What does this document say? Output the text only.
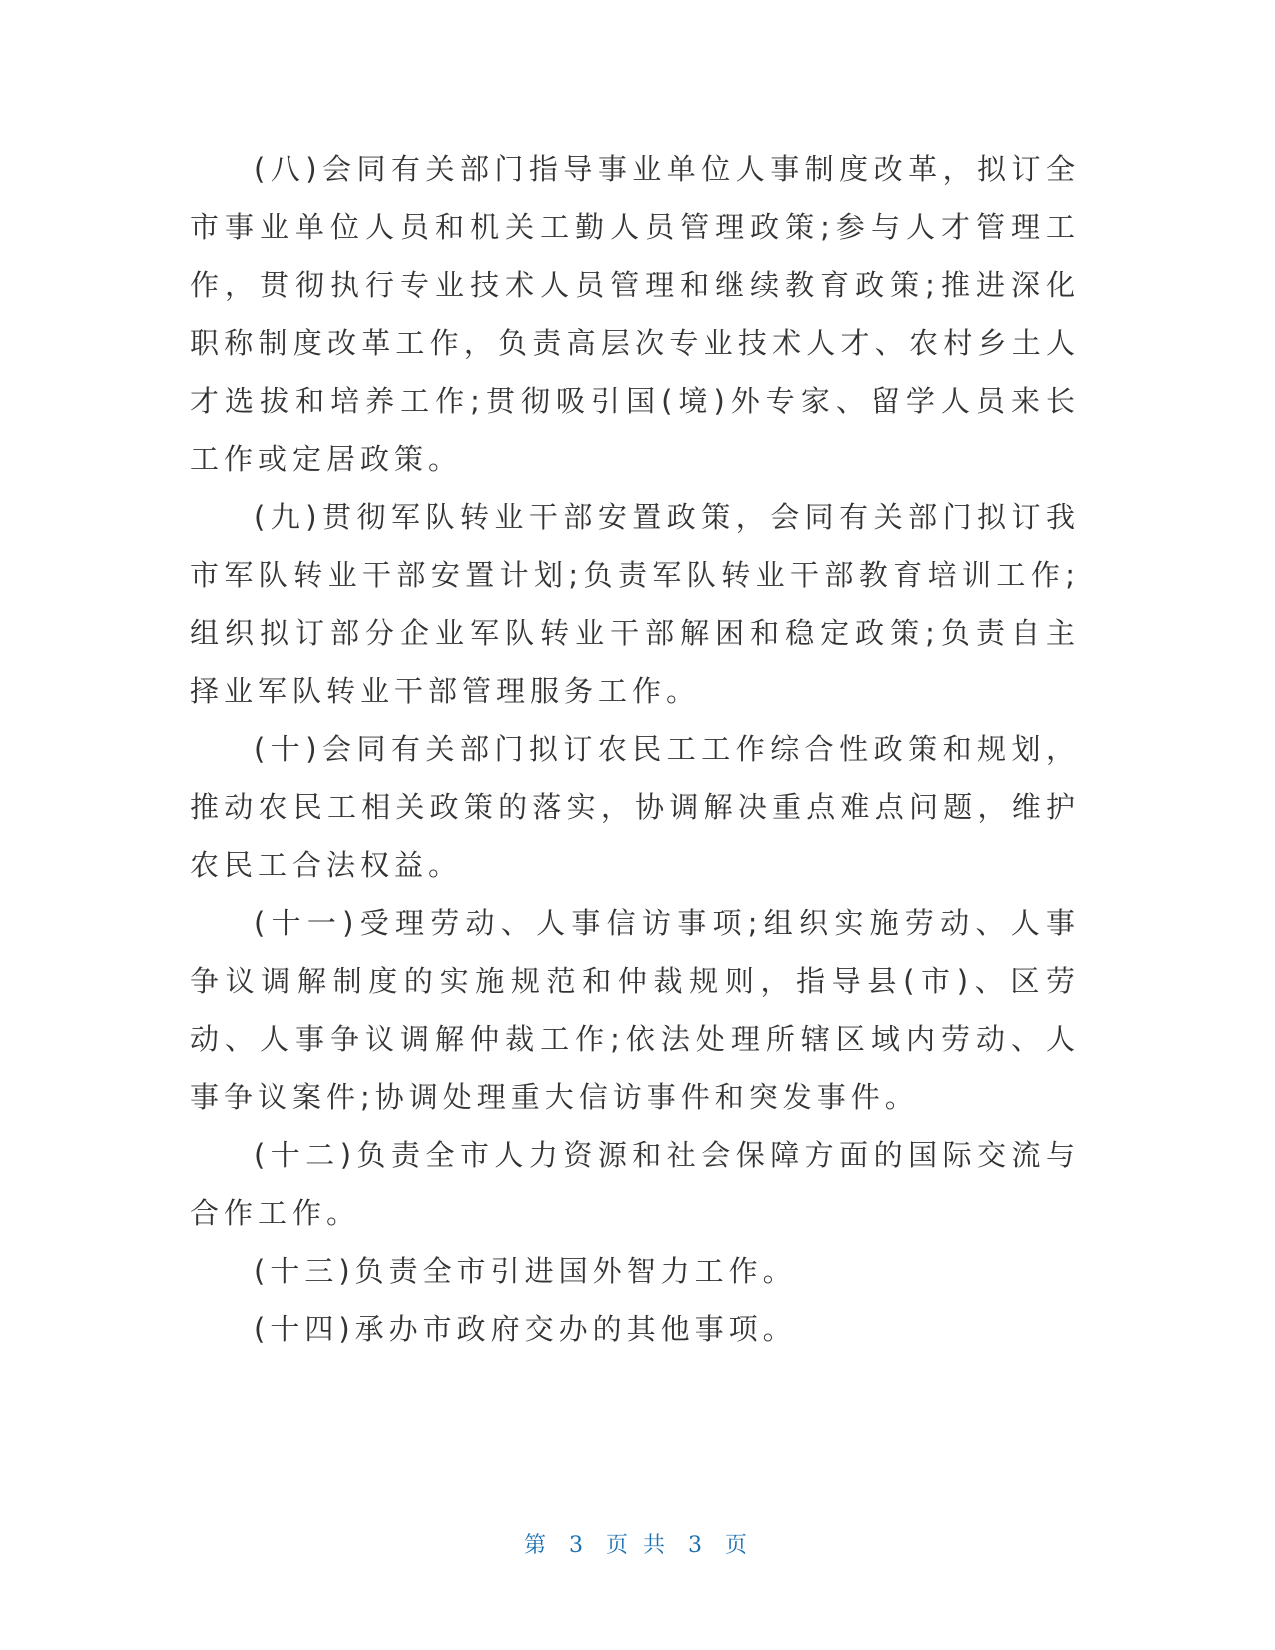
(八)会同有关部门指导事业单位人事制度改革，拟订全市事业单位人员和机关工勤人员管理政策;参与人才管理工作，贯彻执行专业技术人员管理和继续教育政策;推进深化职称制度改革工作，负责高层次专业技术人才、农村乡土人才选拔和培养工作;贯彻吸引国(境)外专家、留学人员来长工作或定居政策。

(九)贯彻军队转业干部安置政策，会同有关部门拟订我市军队转业干部安置计划;负责军队转业干部教育培训工作;组织拟订部分企业军队转业干部解困和稳定政策;负责自主择业军队转业干部管理服务工作。

(十)会同有关部门拟订农民工工作综合性政策和规划，推动农民工相关政策的落实，协调解决重点难点问题，维护农民工合法权益。

(十一)受理劳动、人事信访事项;组织实施劳动、人事争议调解制度的实施规范和仲裁规则，指导县(市)、区劳动、人事争议调解仲裁工作;依法处理所辖区域内劳动、人事争议案件;协调处理重大信访事件和突发事件。

(十二)负责全市人力资源和社会保障方面的国际交流与合作工作。

(十三)负责全市引进国外智力工作。

(十四)承办市政府交办的其他事项。

第 3 页 共 3 页
